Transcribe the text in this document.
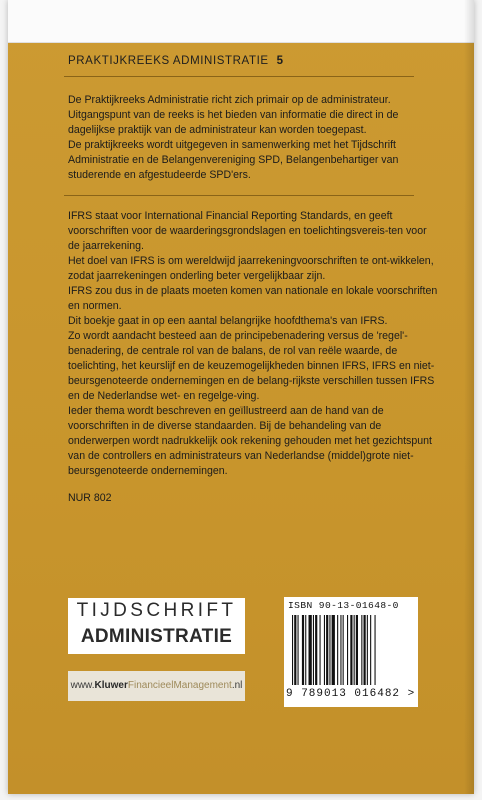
PRAKTIJKREEKS ADMINISTRATIE 5

De Praktijkreeks Administratie richt zich primair op de administrateur. Uitgangspunt van de reeks is het bieden van informatie die direct in de dagelijkse praktijk van de administrateur kan worden toegepast.

De praktijkreeks wordt uitgegeven in samenwerking met het Tijdschrift Administratie en de Belangenvereniging SPD, Belangenbehartiger van studerende en afgestudeerde SPD'ers.

IFRS staat voor International Financial Reporting Standards, en geeft voorschriften voor de waarderingsgrondslagen en toelichtingsvereis-ten voor de jaarrekening.

Het doel van IFRS is om wereldwijd jaarrekeningvoorschriften te ont-wikkelen, zodat jaarrekeningen onderling beter vergelijkbaar zijn.

IFRS zou dus in de plaats moeten komen van nationale en lokale voorschriften en normen.

Dit boekje gaat in op een aantal belangrijke hoofdthema's van IFRS.

Zo wordt aandacht besteed aan de principebenadering versus de 'regel'-benadering, de centrale rol van de balans, de rol van reële waarde, de toelichting, het keurslijf en de keuzemogelijkheden binnen IFRS, IFRS en niet-beursgenoteerde ondernemingen en de belang-rijkste verschillen tussen IFRS en de Nederlandse wet- en regelge-ving.

Ieder thema wordt beschreven en geïllustreerd aan de hand van de voorschriften in de diverse standaarden. Bij de behandeling van de onderwerpen wordt nadrukkelijk ook rekening gehouden met het gezichtspunt van de controllers en administrateurs van Nederlandse (middel)grote niet-beursgenoteerde ondernemingen.

NUR 802
TIJDSCHRIFT
ADMINISTRATIE
www.KluwerFinancieelManagement.nl
ISBN 90-13-01648-0
9 789013 016482 >
